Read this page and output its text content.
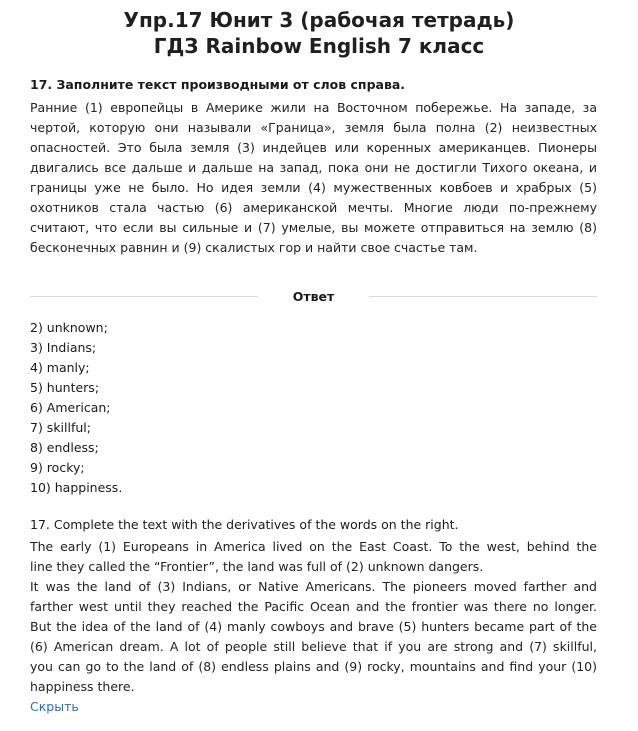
Упр.17 Юнит 3 (рабочая тетрадь)
ГДЗ Rainbow English 7 класс
17. Заполните текст производными от слов справа.
Ранние (1) европейцы в Америке жили на Восточном побережье. На западе, за
чертой, которую они называли «Граница», земля была полна (2) неизвестных
опасностей. Это была земля (3) индейцев или коренных американцев. Пионеры
двигались все дальше и дальше на запад, пока они не достигли Тихого океана, и
границы уже не было. Но идея земли (4) мужественных ковбоев и храбрых (5)
охотников стала частью (6) американской мечты. Многие люди по-прежнему
считают, что если вы сильные и (7) умелые, вы можете отправиться на землю (8)
бесконечных равнин и (9) скалистых гор и найти свое счастье там.
Ответ
2) unknown;
3) Indians;
4) manly;
5) hunters;
6) American;
7) skillful;
8) endless;
9) rocky;
10) happiness.
17. Complete the text with the derivatives of the words on the right.
The early (1) Europeans in America lived on the East Coast. To the west, behind the
line they called the “Frontier”, the land was full of (2) unknown dangers.
It was the land of (3) Indians, or Native Americans. The pioneers moved farther and
farther west until they reached the Pacific Ocean and the frontier was there no longer.
But the idea of the land of (4) manly cowboys and brave (5) hunters became part of the
(6) American dream. A lot of people still believe that if you are strong and (7) skillful,
you can go to the land of (8) endless plains and (9) rocky, mountains and find your (10)
happiness there.
Скрыть
